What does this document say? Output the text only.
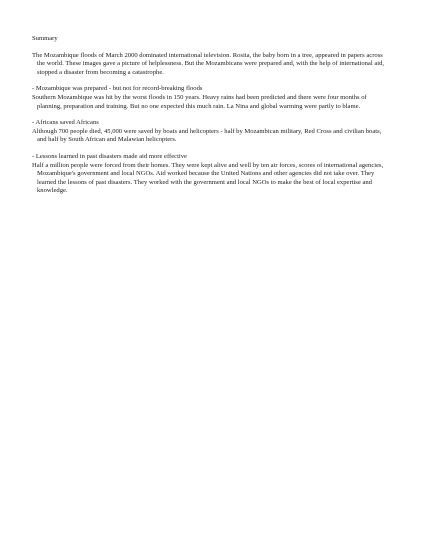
Summary

The Mozambique floods of March 2000 dominated international television. Rosita, the baby born in a tree, appeared in papers across the world. These images gave a picture of helplessness. But the Mozambicans were prepared and, with the help of international aid, stopped a disaster from becoming a catastrophe.

- Mozambique was prepared - but not for record-breaking floods

Southern Mozambique was hit by the worst floods in 150 years. Heavy rains had been predicted and there were four months of planning, preparation and training. But no one expected this much rain. La Nina and global warming were partly to blame.

- Africans saved Africans

Although 700 people died, 45,000 were saved by boats and helicopters - half by Mozambican military, Red Cross and civilian boats, and half by South African and Malawian helicopters.

- Lessons learned in past disasters made aid more effective

Half a million people were forced from their homes. They were kept alive and well by ten air forces, scores of international agencies, Mozambique's government and local NGOs. Aid worked because the United Nations and other agencies did not take over. They learned the lessons of past disasters. They worked with the government and local NGOs to make the best of local expertise and knowledge.
